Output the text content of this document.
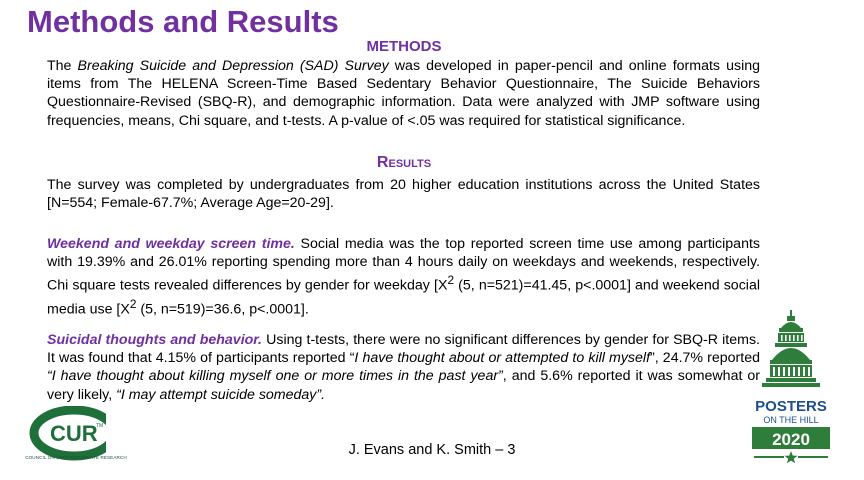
Methods and Results
METHODS
The Breaking Suicide and Depression (SAD) Survey was developed in paper-pencil and online formats using items from The HELENA Screen-Time Based Sedentary Behavior Questionnaire, The Suicide Behaviors Questionnaire-Revised (SBQ-R), and demographic information. Data were analyzed with JMP software using frequencies, means, Chi square, and t-tests. A p-value of <.05 was required for statistical significance.
Results
The survey was completed by undergraduates from 20 higher education institutions across the United States [N=554; Female-67.7%; Average Age=20-29].
Weekend and weekday screen time. Social media was the top reported screen time use among participants with 19.39% and 26.01% reporting spending more than 4 hours daily on weekdays and weekends, respectively. Chi square tests revealed differences by gender for weekday [$X^2$ (5, n=521)=41.45, p<.0001] and weekend social media use [$X^2$ (5, n=519)=36.6, p<.0001].
Suicidal thoughts and behavior. Using t-tests, there were no significant differences by gender for SBQ-R items. It was found that 4.15% of participants reported “I have thought about or attempted to kill myself”, 24.7% reported “I have thought about killing myself one or more times in the past year”, and 5.6% reported it was somewhat or very likely, “I may attempt suicide someday”.
J. Evans and K. Smith – 3
CUR
TM
COUNCIL ON UNDERGRADUATE RESEARCH
POSTERS
ON THE HILL
2020
